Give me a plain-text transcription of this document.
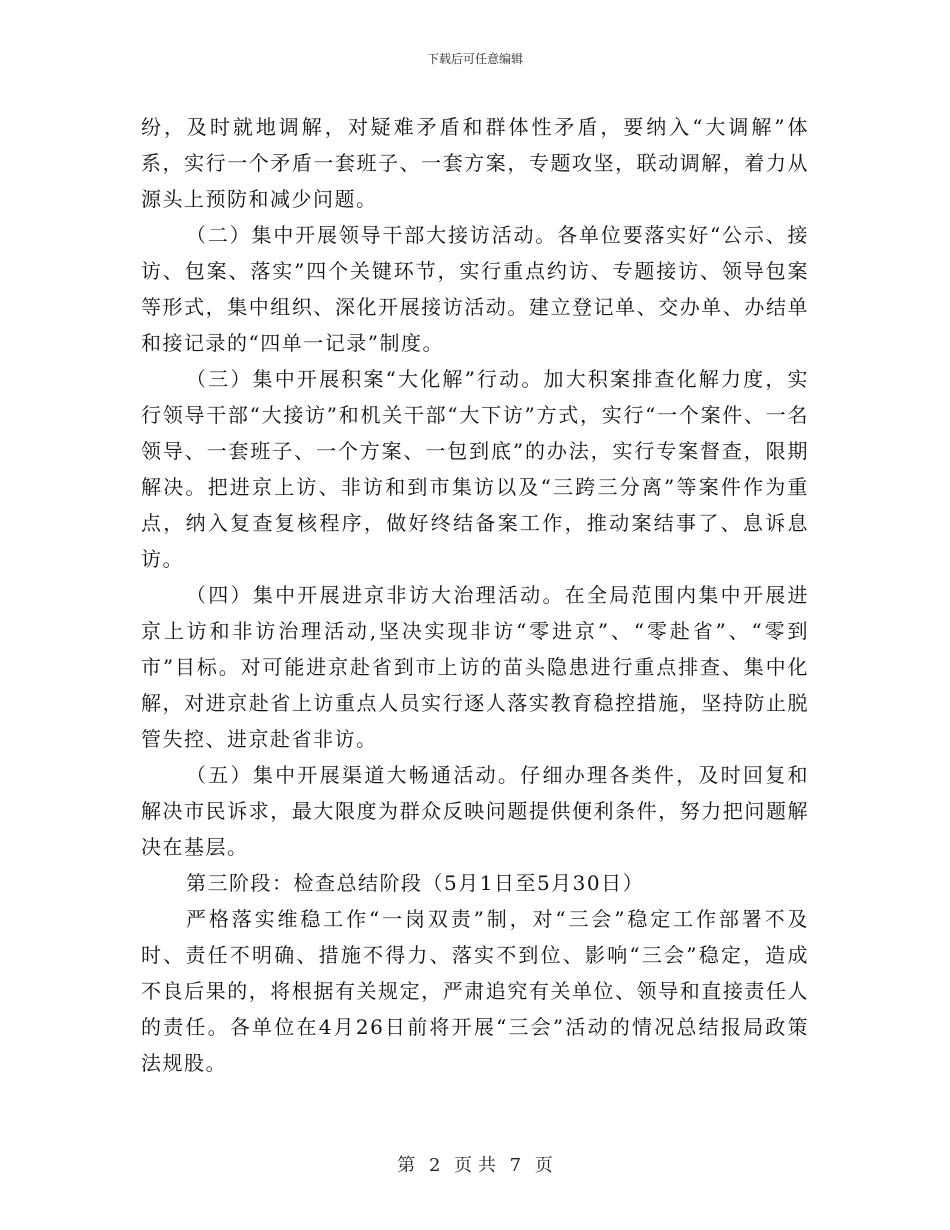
下载后可任意编辑

纷，及时就地调解，对疑难矛盾和群体性矛盾，要纳入“大调解”体系，实行一个矛盾一套班子、一套方案，专题攻坚，联动调解，着力从源头上预防和减少问题。

（二）集中开展领导干部大接访活动。各单位要落实好“公示、接访、包案、落实”四个关键环节，实行重点约访、专题接访、领导包案等形式，集中组织、深化开展接访活动。建立登记单、交办单、办结单和接记录的“四单一记录”制度。

（三）集中开展积案“大化解”行动。加大积案排查化解力度，实行领导干部“大接访”和机关干部“大下访”方式，实行“一个案件、一名领导、一套班子、一个方案、一包到底”的办法，实行专案督查，限期解决。把进京上访、非访和到市集访以及“三跨三分离”等案件作为重点，纳入复查复核程序，做好终结备案工作，推动案结事了、息诉息访。

（四）集中开展进京非访大治理活动。在全局范围内集中开展进京上访和非访治理活动,坚决实现非访“零进京”、“零赴省”、“零到市”目标。对可能进京赴省到市上访的苗头隐患进行重点排查、集中化解，对进京赴省上访重点人员实行逐人落实教育稳控措施，坚持防止脱管失控、进京赴省非访。

（五）集中开展渠道大畅通活动。仔细办理各类件，及时回复和解决市民诉求，最大限度为群众反映问题提供便利条件，努力把问题解决在基层。

第三阶段：检查总结阶段（5月1日至5月30日）

严格落实维稳工作“一岗双责”制，对“三会”稳定工作部署不及时、责任不明确、措施不得力、落实不到位、影响“三会”稳定，造成不良后果的，将根据有关规定，严肃追究有关单位、领导和直接责任人的责任。各单位在4月26日前将开展“三会”活动的情况总结报局政策法规股。

第 2 页 共 7 页
